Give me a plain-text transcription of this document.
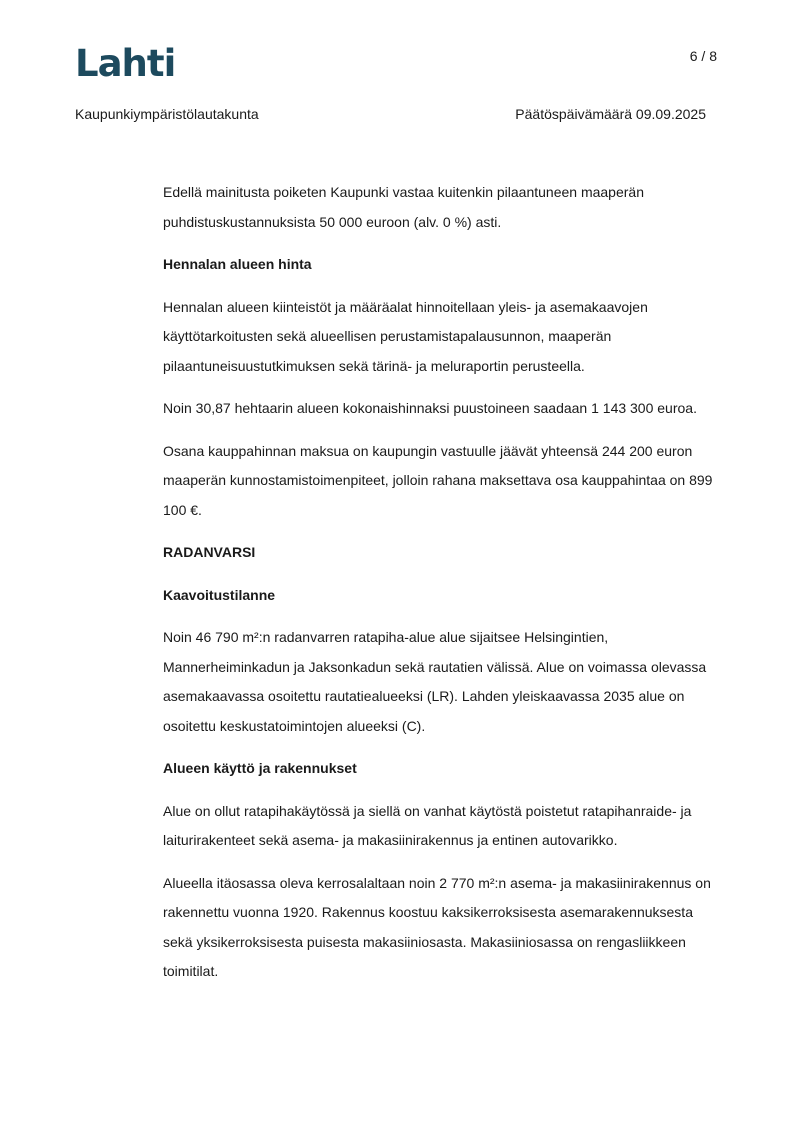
Lahti	6 / 8
Kaupunkiympäristölautakunta	Päätöspäivämäärä 09.09.2025

Edellä mainitusta poiketen Kaupunki vastaa kuitenkin pilaantuneen maaperän puhdistuskustannuksista 50 000 euroon (alv. 0 %) asti.

Hennalan alueen hinta

Hennalan alueen kiinteistöt ja määräalat hinnoitellaan yleis- ja asemakaavojen käyttötarkoitusten sekä alueellisen perustamistapalausunnon, maaperän pilaantuneisuustutkimuksen sekä tärinä- ja meluraportin perusteella.

Noin 30,87 hehtaarin alueen kokonaishinnaksi puustoineen saadaan 1 143 300 euroa.

Osana kauppahinnan maksua on kaupungin vastuulle jäävät yhteensä 244 200 euron maaperän kunnostamistoimenpiteet, jolloin rahana maksettava osa kauppahintaa on 899 100 €.

RADANVARSI
Kaavoitustilanne

Noin 46 790 m²:n radanvarren ratapiha-alue alue sijaitsee Helsingintien, Mannerheiminkadun ja Jaksonkadun sekä rautatien välissä. Alue on voimassa olevassa asemakaavassa osoitettu rautatiealueeksi (LR). Lahden yleiskaavassa 2035 alue on osoitettu keskustatoimintojen alueeksi (C).

Alueen käyttö ja rakennukset

Alue on ollut ratapihakäytössä ja siellä on vanhat käytöstä poistetut ratapihanraide- ja laiturirakenteet sekä asema- ja makasiinirakennus ja entinen autovarikko.

Alueella itäosassa oleva kerrosalaltaan noin 2 770 m²:n asema- ja makasiinirakennus on rakennettu vuonna 1920. Rakennus koostuu kaksikerroksisesta asemarakennuksesta sekä yksikerroksisesta puisesta makasiiniosasta. Makasiiniosassa on rengasliikkeen toimitilat.
